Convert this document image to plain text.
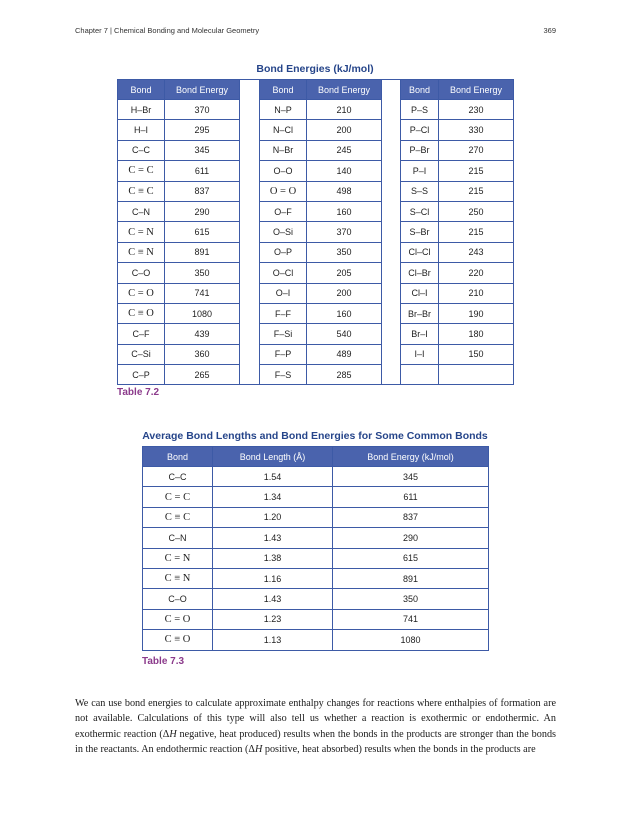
Chapter 7 | Chemical Bonding and Molecular Geometry	369
Bond Energies (kJ/mol)
Bond	Bond Energy		Bond	Bond Energy		Bond	Bond Energy
H–Br	370		N–P	210		P–S	230
H–I	295		N–Cl	200		P–Cl	330
C–C	345		N–Br	245		P–Br	270
C = C	611		O–O	140		P–I	215
C ≡ C	837		O = O	498		S–S	215
C–N	290		O–F	160		S–Cl	250
C = N	615		O–Si	370		S–Br	215
C ≡ N	891		O–P	350		Cl–Cl	243
C–O	350		O–Cl	205		Cl–Br	220
C = O	741		O–I	200		Cl–I	210
C ≡ O	1080		F–F	160		Br–Br	190
C–F	439		F–Si	540		Br–I	180
C–Si	360		F–P	489		I–I	150
C–P	265		F–S	285			
Table 7.2
Average Bond Lengths and Bond Energies for Some Common Bonds
Bond	Bond Length (Å)	Bond Energy (kJ/mol)
C–C	1.54	345
C = C	1.34	611
C ≡ C	1.20	837
C–N	1.43	290
C = N	1.38	615
C ≡ N	1.16	891
C–O	1.43	350
C = O	1.23	741
C ≡ O	1.13	1080
Table 7.3

We can use bond energies to calculate approximate enthalpy changes for reactions where enthalpies of formation are not available. Calculations of this type will also tell us whether a reaction is exothermic or endothermic. An exothermic reaction (ΔH negative, heat produced) results when the bonds in the products are stronger than the bonds in the reactants. An endothermic reaction (ΔH positive, heat absorbed) results when the bonds in the products are
